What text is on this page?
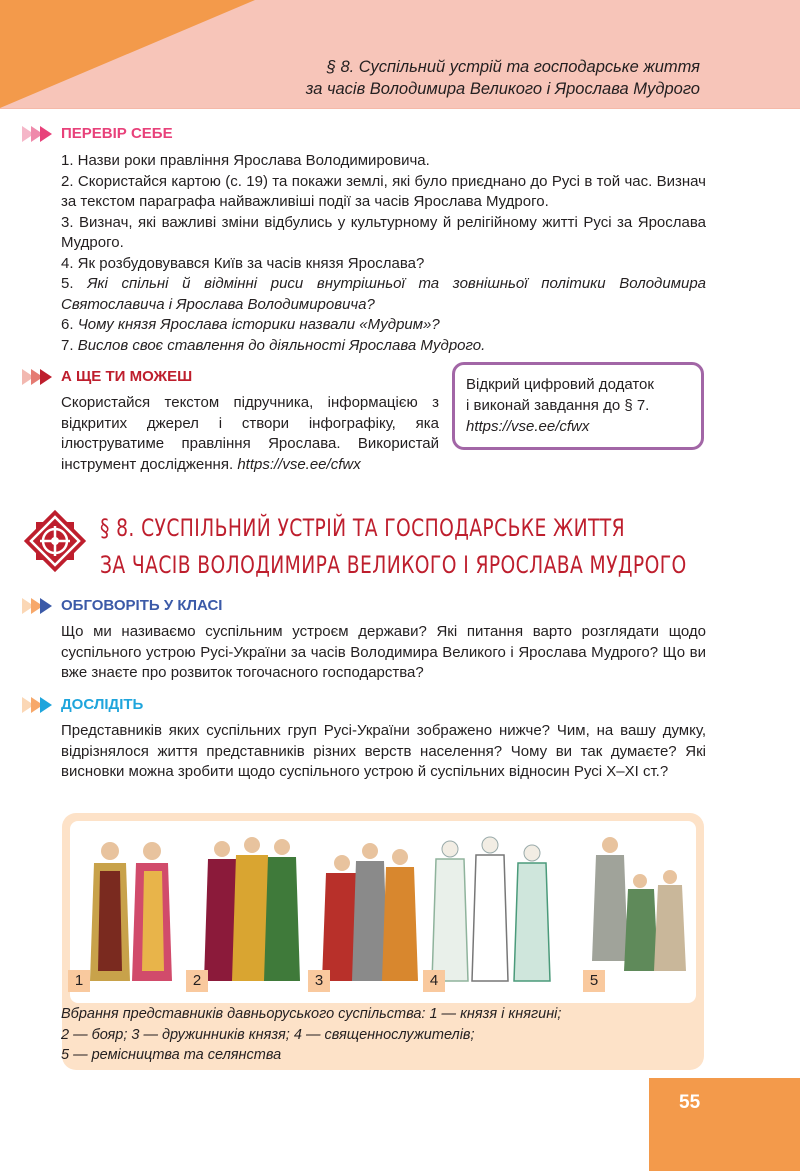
§ 8. Суспільний устрій та господарське життя
за часів Володимира Великого і Ярослава Мудрого
ПЕРЕВІР СЕБЕ

1. Назви роки правління Ярослава Володимировича.

2. Скористайся картою (с. 19) та покажи землі, які було приєднано до Русі в той час. Визнач за текстом параграфа найважливіші події за часів Ярослава Мудрого.

3. Визнач, які важливі зміни відбулись у культурному й релігійному житті Русі за Ярослава Мудрого.

4. Як розбудовувався Київ за часів князя Ярослава?

5. Які спільні й відмінні риси внутрішньої та зовнішньої політики Володимира Святославича і Ярослава Володимировича?

6. Чому князя Ярослава історики назвали «Мудрим»?

7. Вислов своє ставлення до діяльності Ярослава Мудрого.

А ЩЕ ТИ МОЖЕШ
Скористайся текстом підручника, інформацією з відкритих джерел і створи інфографіку, яка ілюструватиме правління Ярослава. Використай інструмент дослідження. https://vse.ee/cfwx
Відкрий цифровий додаток
і виконай завдання до § 7.
https://vse.ee/cfwx
§ 8. СУСПІЛЬНИЙ УСТРІЙ ТА ГОСПОДАРСЬКЕ ЖИТТЯ
ЗА ЧАСІВ ВОЛОДИМИРА ВЕЛИКОГО І ЯРОСЛАВА МУДРОГО
ОБГОВОРІТЬ У КЛАСІ
Що ми називаємо суспільним устроєм держави? Які питання варто розглядати щодо суспільного устрою Русі-України за часів Володимира Великого і Ярослава Мудрого? Що ви вже знаєте про розвиток тогочасного господарства?
ДОСЛІДІТЬ
Представників яких суспільних груп Русі-України зображено нижче? Чим, на вашу думку, відрізнялося життя представників різних верств населення? Чому ви так думаєте? Які висновки можна зробити щодо суспільного устрою й суспільних відносин Русі X–XI ст.?
1	2	3	4	5
Вбрання представників давньоруського суспільства: 1 — князя і княгині;
2 — бояр; 3 — дружинників князя; 4 — священнослужителів;
5 — ремісництва та селянства
55
